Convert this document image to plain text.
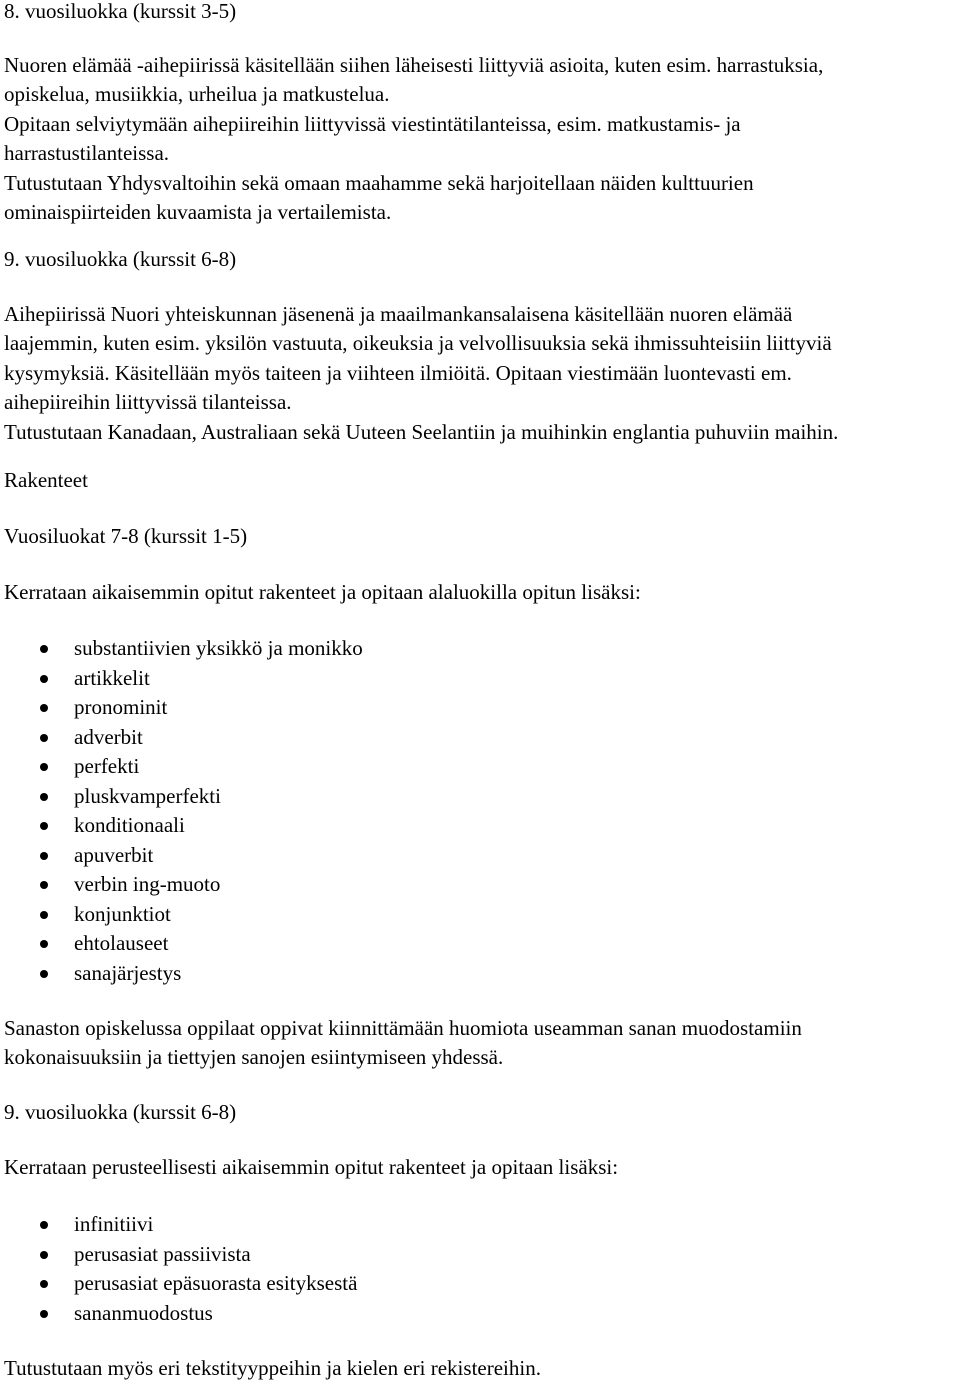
8. vuosiluokka (kurssit 3-5)
Nuoren elämää -aihepiirissä käsitellään siihen läheisesti liittyviä asioita, kuten esim. harrastuksia,
opiskelua, musiikkia, urheilua ja matkustelua.
Opitaan selviytymään aihepiireihin liittyvissä viestintätilanteissa, esim. matkustamis- ja
harrastustilanteissa.
Tutustutaan Yhdysvaltoihin sekä omaan maahamme sekä harjoitellaan näiden kulttuurien
ominaispiirteiden kuvaamista ja vertailemista.
9. vuosiluokka (kurssit 6-8)
Aihepiirissä Nuori yhteiskunnan jäsenenä ja maailmankansalaisena käsitellään nuoren elämää
laajemmin, kuten esim. yksilön vastuuta, oikeuksia ja velvollisuuksia sekä ihmissuhteisiin liittyviä
kysymyksiä. Käsitellään myös taiteen ja viihteen ilmiöitä. Opitaan viestimään luontevasti em.
aihepiireihin liittyvissä tilanteissa.
Tutustutaan Kanadaan, Australiaan sekä Uuteen Seelantiin ja muihinkin englantia puhuviin maihin.
Rakenteet
Vuosiluokat 7-8 (kurssit 1-5)
Kerrataan aikaisemmin opitut rakenteet ja opitaan alaluokilla opitun lisäksi:
substantiivien yksikkö ja monikko
artikkelit
pronominit
adverbit
perfekti
pluskvamperfekti
konditionaali
apuverbit
verbin ing-muoto
konjunktiot
ehtolauseet
sanajärjestys
Sanaston opiskelussa oppilaat oppivat kiinnittämään huomiota useamman sanan muodostamiin
kokonaisuuksiin ja tiettyjen sanojen esiintymiseen yhdessä.
9. vuosiluokka (kurssit 6-8)
Kerrataan perusteellisesti aikaisemmin opitut rakenteet ja opitaan lisäksi:
infinitiivi
perusasiat passiivista
perusasiat epäsuorasta esityksestä
sananmuodostus
Tutustutaan myös eri tekstityyppeihin ja kielen eri rekistereihin.
